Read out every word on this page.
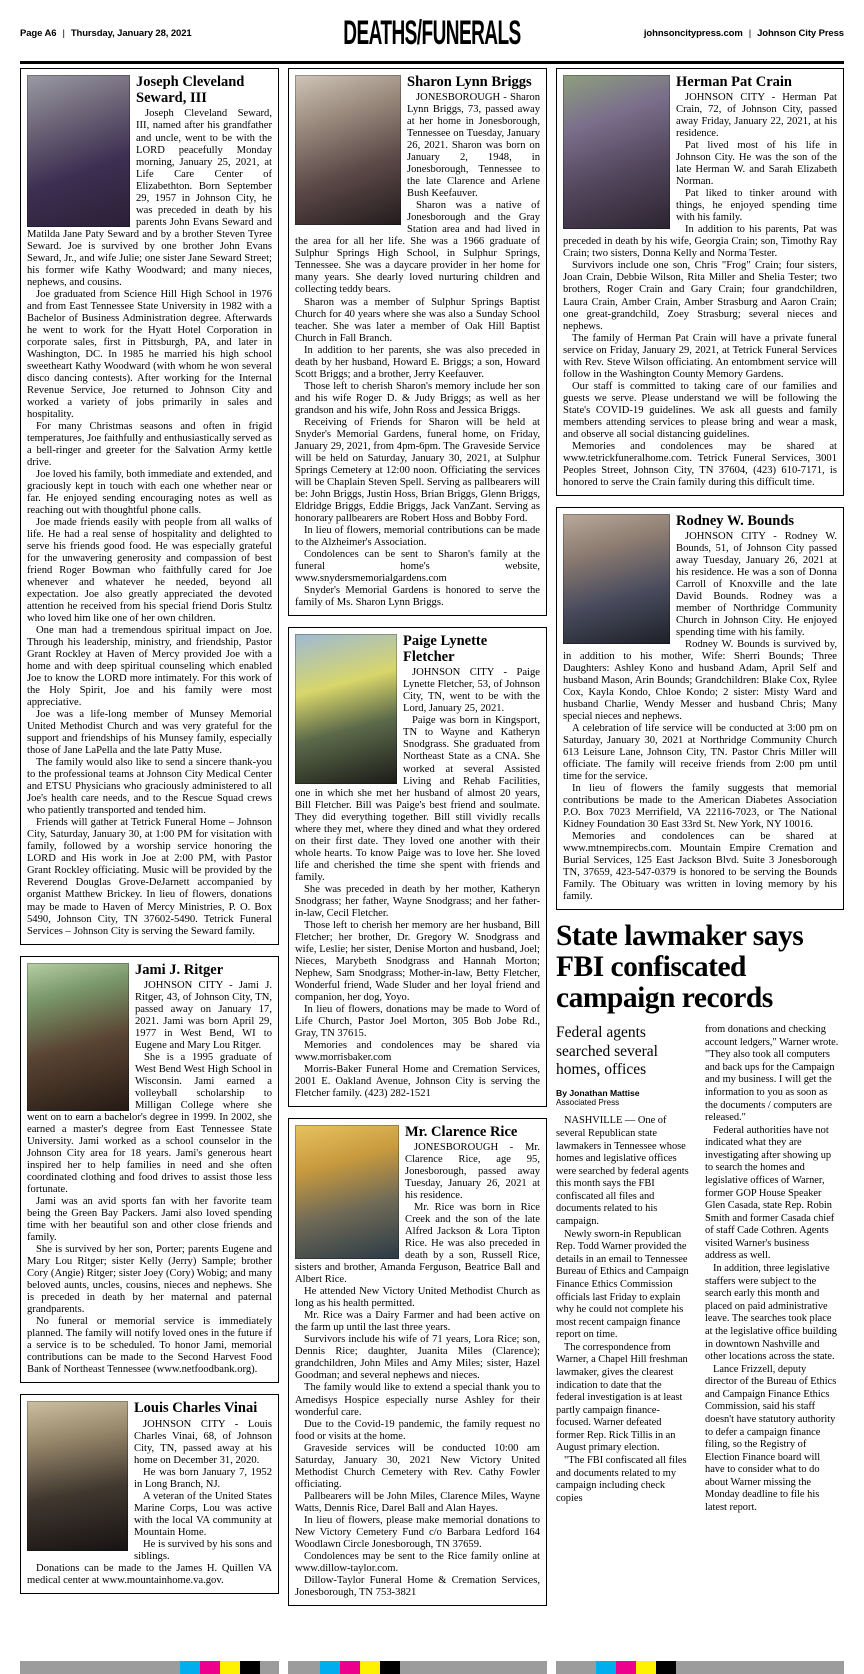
Page A6 | Thursday, January 28, 2021	DEATHS/FUNERALS	johnsoncitypress.com | Johnson City Press
Joseph Cleveland Seward, III

Joseph Cleveland Seward, III, named after his grandfather and uncle, went to be with the LORD peacefully Monday morning, January 25, 2021, at Life Care Center of Elizabethton. Born September 29, 1957 in Johnson City, he was preceded in death by his parents John Evans Seward and Matilda Jane Paty Seward and by a brother Steven Tyree Seward. Joe is survived by one brother John Evans Seward, Jr., and wife Julie; one sister Jane Seward Street; his former wife Kathy Woodward; and many nieces, nephews, and cousins.

Joe graduated from Science Hill High School in 1976 and from East Tennessee State University in 1982 with a Bachelor of Business Administration degree. Afterwards he went to work for the Hyatt Hotel Corporation in corporate sales, first in Pittsburgh, PA, and later in Washington, DC. In 1985 he married his high school sweetheart Kathy Woodward (with whom he won several disco dancing contests). After working for the Internal Revenue Service, Joe returned to Johnson City and worked a variety of jobs primarily in sales and hospitality.

For many Christmas seasons and often in frigid temperatures, Joe faithfully and enthusiastically served as a bell-ringer and greeter for the Salvation Army kettle drive.

Joe loved his family, both immediate and extended, and graciously kept in touch with each one whether near or far. He enjoyed sending encouraging notes as well as reaching out with thoughtful phone calls.

Joe made friends easily with people from all walks of life. He had a real sense of hospitality and delighted to serve his friends good food. He was especially grateful for the unwavering generosity and compassion of best friend Roger Bowman who faithfully cared for Joe whenever and whatever he needed, beyond all expectation. Joe also greatly appreciated the devoted attention he received from his special friend Doris Stultz who loved him like one of her own children.

One man had a tremendous spiritual impact on Joe. Through his leadership, ministry, and friendship, Pastor Grant Rockley at Haven of Mercy provided Joe with a home and with deep spiritual counseling which enabled Joe to know the LORD more intimately. For this work of the Holy Spirit, Joe and his family were most appreciative.

Joe was a life-long member of Munsey Memorial United Methodist Church and was very grateful for the support and friendships of his Munsey family, especially those of Jane LaPella and the late Patty Muse.

The family would also like to send a sincere thank-you to the professional teams at Johnson City Medical Center and ETSU Physicians who graciously administered to all Joe's health care needs, and to the Rescue Squad crews who patiently transported and tended him.

Friends will gather at Tetrick Funeral Home – Johnson City, Saturday, January 30, at 1:00 PM for visitation with family, followed by a worship service honoring the LORD and His work in Joe at 2:00 PM, with Pastor Grant Rockley officiating. Music will be provided by the Reverend Douglas Grove-DeJarnett accompanied by organist Matthew Brickey. In lieu of flowers, donations may be made to Haven of Mercy Ministries, P. O. Box 5490, Johnson City, TN 37602-5490. Tetrick Funeral Services – Johnson City is serving the Seward family.

Jami J. Ritger

JOHNSON CITY - Jami J. Ritger, 43, of Johnson City, TN, passed away on January 17, 2021. Jami was born April 29, 1977 in West Bend, WI to Eugene and Mary Lou Ritger.

She is a 1995 graduate of West Bend West High School in Wisconsin. Jami earned a volleyball scholarship to Milligan College where she went on to earn a bachelor's degree in 1999. In 2002, she earned a master's degree from East Tennessee State University. Jami worked as a school counselor in the Johnson City area for 18 years. Jami's generous heart inspired her to help families in need and she often coordinated clothing and food drives to assist those less fortunate.

Jami was an avid sports fan with her favorite team being the Green Bay Packers. Jami also loved spending time with her beautiful son and other close friends and family.

She is survived by her son, Porter; parents Eugene and Mary Lou Ritger; sister Kelly (Jerry) Sample; brother Cory (Angie) Ritger; sister Joey (Cory) Wobig; and many beloved aunts, uncles, cousins, nieces and nephews. She is preceded in death by her maternal and paternal grandparents.

No funeral or memorial service is immediately planned. The family will notify loved ones in the future if a service is to be scheduled. To honor Jami, memorial contributions can be made to the Second Harvest Food Bank of Northeast Tennessee (www.netfoodbank.org).

Louis Charles Vinai

JOHNSON CITY - Louis Charles Vinai, 68, of Johnson City, TN, passed away at his home on December 31, 2020.

He was born January 7, 1952 in Long Branch, NJ.

A veteran of the United States Marine Corps, Lou was active with the local VA community at Mountain Home.

He is survived by his sons and siblings.

Donations can be made to the James H. Quillen VA medical center at www.mountainhome.va.gov.

Sharon Lynn Briggs

JONESBOROUGH - Sharon Lynn Briggs, 73, passed away at her home in Jonesborough, Tennessee on Tuesday, January 26, 2021. Sharon was born on January 2, 1948, in Jonesborough, Tennessee to the late Clarence and Arlene Bush Keefauver.

Sharon was a native of Jonesborough and the Gray Station area and had lived in the area for all her life. She was a 1966 graduate of Sulphur Springs High School, in Sulphur Springs, Tennessee. She was a daycare provider in her home for many years. She dearly loved nurturing children and collecting teddy bears.

Sharon was a member of Sulphur Springs Baptist Church for 40 years where she was also a Sunday School teacher. She was later a member of Oak Hill Baptist Church in Fall Branch.

In addition to her parents, she was also preceded in death by her husband, Howard E. Briggs; a son, Howard Scott Briggs; and a brother, Jerry Keefauver.

Those left to cherish Sharon's memory include her son and his wife Roger D. & Judy Briggs; as well as her grandson and his wife, John Ross and Jessica Briggs.

Receiving of Friends for Sharon will be held at Snyder's Memorial Gardens, funeral home, on Friday, January 29, 2021, from 4pm-6pm. The Graveside Service will be held on Saturday, January 30, 2021, at Sulphur Springs Cemetery at 12:00 noon. Officiating the services will be Chaplain Steven Spell. Serving as pallbearers will be: John Briggs, Justin Hoss, Brian Briggs, Glenn Briggs, Eldridge Briggs, Eddie Briggs, Jack VanZant. Serving as honorary pallbearers are Robert Hoss and Bobby Ford.

In lieu of flowers, memorial contributions can be made to the Alzheimer's Association.

Condolences can be sent to Sharon's family at the funeral home's website, www.snydersmemorialgardens.com

Snyder's Memorial Gardens is honored to serve the family of Ms. Sharon Lynn Briggs.

Paige Lynette Fletcher

JOHNSON CITY - Paige Lynette Fletcher, 53, of Johnson City, TN, went to be with the Lord, January 25, 2021.

Paige was born in Kingsport, TN to Wayne and Katheryn Snodgrass. She graduated from Northeast State as a CNA. She worked at several Assisted Living and Rehab Facilities, one in which she met her husband of almost 20 years, Bill Fletcher. Bill was Paige's best friend and soulmate. They did everything together. Bill still vividly recalls where they met, where they dined and what they ordered on their first date. They loved one another with their whole hearts. To know Paige was to love her. She loved life and cherished the time she spent with friends and family.

She was preceded in death by her mother, Katheryn Snodgrass; her father, Wayne Snodgrass; and her father-in-law, Cecil Fletcher.

Those left to cherish her memory are her husband, Bill Fletcher; her brother, Dr. Gregory W. Snodgrass and wife, Leslie; her sister, Denise Morton and husband, Joel; Nieces, Marybeth Snodgrass and Hannah Morton; Nephew, Sam Snodgrass; Mother-in-law, Betty Fletcher, Wonderful friend, Wade Sluder and her loyal friend and companion, her dog, Yoyo.

In lieu of flowers, donations may be made to Word of Life Church, Pastor Joel Morton, 305 Bob Jobe Rd., Gray, TN 37615.

Memories and condolences may be shared via www.morrisbaker.com

Morris-Baker Funeral Home and Cremation Services, 2001 E. Oakland Avenue, Johnson City is serving the Fletcher family. (423) 282-1521

Mr. Clarence Rice

JONESBOROUGH - Mr. Clarence Rice, age 95, Jonesborough, passed away Tuesday, January 26, 2021 at his residence.

Mr. Rice was born in Rice Creek and the son of the late Alfred Jackson & Lora Tipton Rice. He was also preceded in death by a son, Russell Rice, sisters and brother, Amanda Ferguson, Beatrice Ball and Albert Rice.

He attended New Victory United Methodist Church as long as his health permitted.

Mr. Rice was a Dairy Farmer and had been active on the farm up until the last three years.

Survivors include his wife of 71 years, Lora Rice; son, Dennis Rice; daughter, Juanita Miles (Clarence); grandchildren, John Miles and Amy Miles; sister, Hazel Goodman; and several nephews and nieces.

The family would like to extend a special thank you to Amedisys Hospice especially nurse Ashley for their wonderful care.

Due to the Covid-19 pandemic, the family request no food or visits at the home.

Graveside services will be conducted 10:00 am Saturday, January 30, 2021 New Victory United Methodist Church Cemetery with Rev. Cathy Fowler officiating.

Pallbearers will be John Miles, Clarence Miles, Wayne Watts, Dennis Rice, Darel Ball and Alan Hayes.

In lieu of flowers, please make memorial donations to New Victory Cemetery Fund c/o Barbara Ledford 164 Woodlawn Circle Jonesborough, TN 37659.

Condolences may be sent to the Rice family online at www.dillow-taylor.com.

Dillow-Taylor Funeral Home & Cremation Services, Jonesborough, TN 753-3821

Herman Pat Crain

JOHNSON CITY - Herman Pat Crain, 72, of Johnson City, passed away Friday, January 22, 2021, at his residence.

Pat lived most of his life in Johnson City. He was the son of the late Herman W. and Sarah Elizabeth Norman.

Pat liked to tinker around with things, he enjoyed spending time with his family.

In addition to his parents, Pat was preceded in death by his wife, Georgia Crain; son, Timothy Ray Crain; two sisters, Donna Kelly and Norma Tester.

Survivors include one son, Chris "Frog" Crain; four sisters, Joan Crain, Debbie Wilson, Rita Miller and Shelia Tester; two brothers, Roger Crain and Gary Crain; four grandchildren, Laura Crain, Amber Crain, Amber Strasburg and Aaron Crain; one great-grandchild, Zoey Strasburg; several nieces and nephews.

The family of Herman Pat Crain will have a private funeral service on Friday, January 29, 2021, at Tetrick Funeral Services with Rev. Steve Wilson officiating. An entombment service will follow in the Washington County Memory Gardens.

Our staff is committed to taking care of our families and guests we serve. Please understand we will be following the State's COVID-19 guidelines. We ask all guests and family members attending services to please bring and wear a mask, and observe all social distancing guidelines.

Memories and condolences may be shared at www.tetrickfuneralhome.com. Tetrick Funeral Services, 3001 Peoples Street, Johnson City, TN 37604, (423) 610-7171, is honored to serve the Crain family during this difficult time.

Rodney W. Bounds

JOHNSON CITY - Rodney W. Bounds, 51, of Johnson City passed away Tuesday, January 26, 2021 at his residence. He was a son of Donna Carroll of Knoxville and the late David Bounds. Rodney was a member of Northridge Community Church in Johnson City. He enjoyed spending time with his family.

Rodney W. Bounds is survived by, in addition to his mother, Wife: Sherri Bounds; Three Daughters: Ashley Kono and husband Adam, April Self and husband Mason, Arin Bounds; Grandchildren: Blake Cox, Rylee Cox, Kayla Kondo, Chloe Kondo; 2 sister: Misty Ward and husband Charlie, Wendy Messer and husband Chris; Many special nieces and nephews.

A celebration of life service will be conducted at 3:00 pm on Saturday, January 30, 2021 at Northridge Community Church 613 Leisure Lane, Johnson City, TN. Pastor Chris Miller will officiate. The family will receive friends from 2:00 pm until time for the service.

In lieu of flowers the family suggests that memorial contributions be made to the American Diabetes Association P.O. Box 7023 Merrifield, VA 22116-7023, or The National Kidney Foundation 30 East 33rd St. New York, NY 10016.

Memories and condolences can be shared at www.mtnempirecbs.com. Mountain Empire Cremation and Burial Services, 125 East Jackson Blvd. Suite 3 Jonesborough TN, 37659, 423-547-0379 is honored to be serving the Bounds Family. The Obituary was written in loving memory by his family.

State lawmaker says FBI confiscated campaign records
Federal agents searched several homes, offices
By Jonathan Mattise
Associated Press

NASHVILLE — One of several Republican state lawmakers in Tennessee whose homes and legislative offices were searched by federal agents this month says the FBI confiscated all files and documents related to his campaign.

Newly sworn-in Republican Rep. Todd Warner provided the details in an email to Tennessee Bureau of Ethics and Campaign Finance Ethics Commission officials last Friday to explain why he could not complete his most recent campaign finance report on time.

The correspondence from Warner, a Chapel Hill freshman lawmaker, gives the clearest indication to date that the federal investigation is at least partly campaign finance-focused. Warner defeated former Rep. Rick Tillis in an August primary election.

"The FBI confiscated all files and documents related to my campaign including check copies

from donations and checking account ledgers," Warner wrote. "They also took all computers and back ups for the Campaign and my business. I will get the information to you as soon as the documents / computers are released."

Federal authorities have not indicated what they are investigating after showing up to search the homes and legislative offices of Warner, former GOP House Speaker Glen Casada, state Rep. Robin Smith and former Casada chief of staff Cade Cothren. Agents visited Warner's business address as well.

In addition, three legislative staffers were subject to the search early this month and placed on paid administrative leave. The searches took place at the legislative office building in downtown Nashville and other locations across the state.

Lance Frizzell, deputy director of the Bureau of Ethics and Campaign Finance Ethics Commission, said his staff doesn't have statutory authority to defer a campaign finance filing, so the Registry of Election Finance board will have to consider what to do about Warner missing the Monday deadline to file his latest report.
